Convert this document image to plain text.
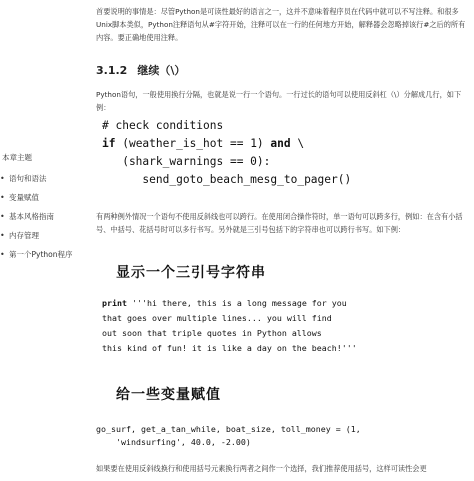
本章主题
• 语句和语法
• 变量赋值
• 基本风格指南
• 内存管理
• 第一个Python程序

首要说明的事情是：尽管Python是可读性最好的语言之一，这并不意味着程序员在代码中就可以不写注释。和很多Unix脚本类似，Python注释语句从#字符开始，注释可以在一行的任何地方开始，解释器会忽略掉该行#之后的所有内容。要正确地使用注释。

3.1.2 继续（\）

Python语句，一般使用换行分隔，也就是说一行一个语句。一行过长的语句可以使用反斜杠（\）分解成几行，如下例：

# check conditions
if (weather_is_hot == 1) and \
(shark_warnings == 0):
send_goto_beach_mesg_to_pager()

有两种例外情况一个语句不使用反斜线也可以跨行。在使用闭合操作符时，单一语句可以跨多行，例如：在含有小括号、中括号、花括号时可以多行书写。另外就是三引号包括下的字符串也可以跨行书写。如下例：

显示一个三引号字符串
print '''hi there, this is a long message for you
that goes over multiple lines... you will find
out soon that triple quotes in Python allows
this kind of fun! it is like a day on the beach!'''
给一些变量赋值
go_surf, get_a_tan_while, boat_size, toll_money = (1,
'windsurfing', 40.0, -2.00)

如果要在使用反斜线换行和使用括号元素换行两者之间作一个选择，我们推荐使用括号，这样可读性会更
